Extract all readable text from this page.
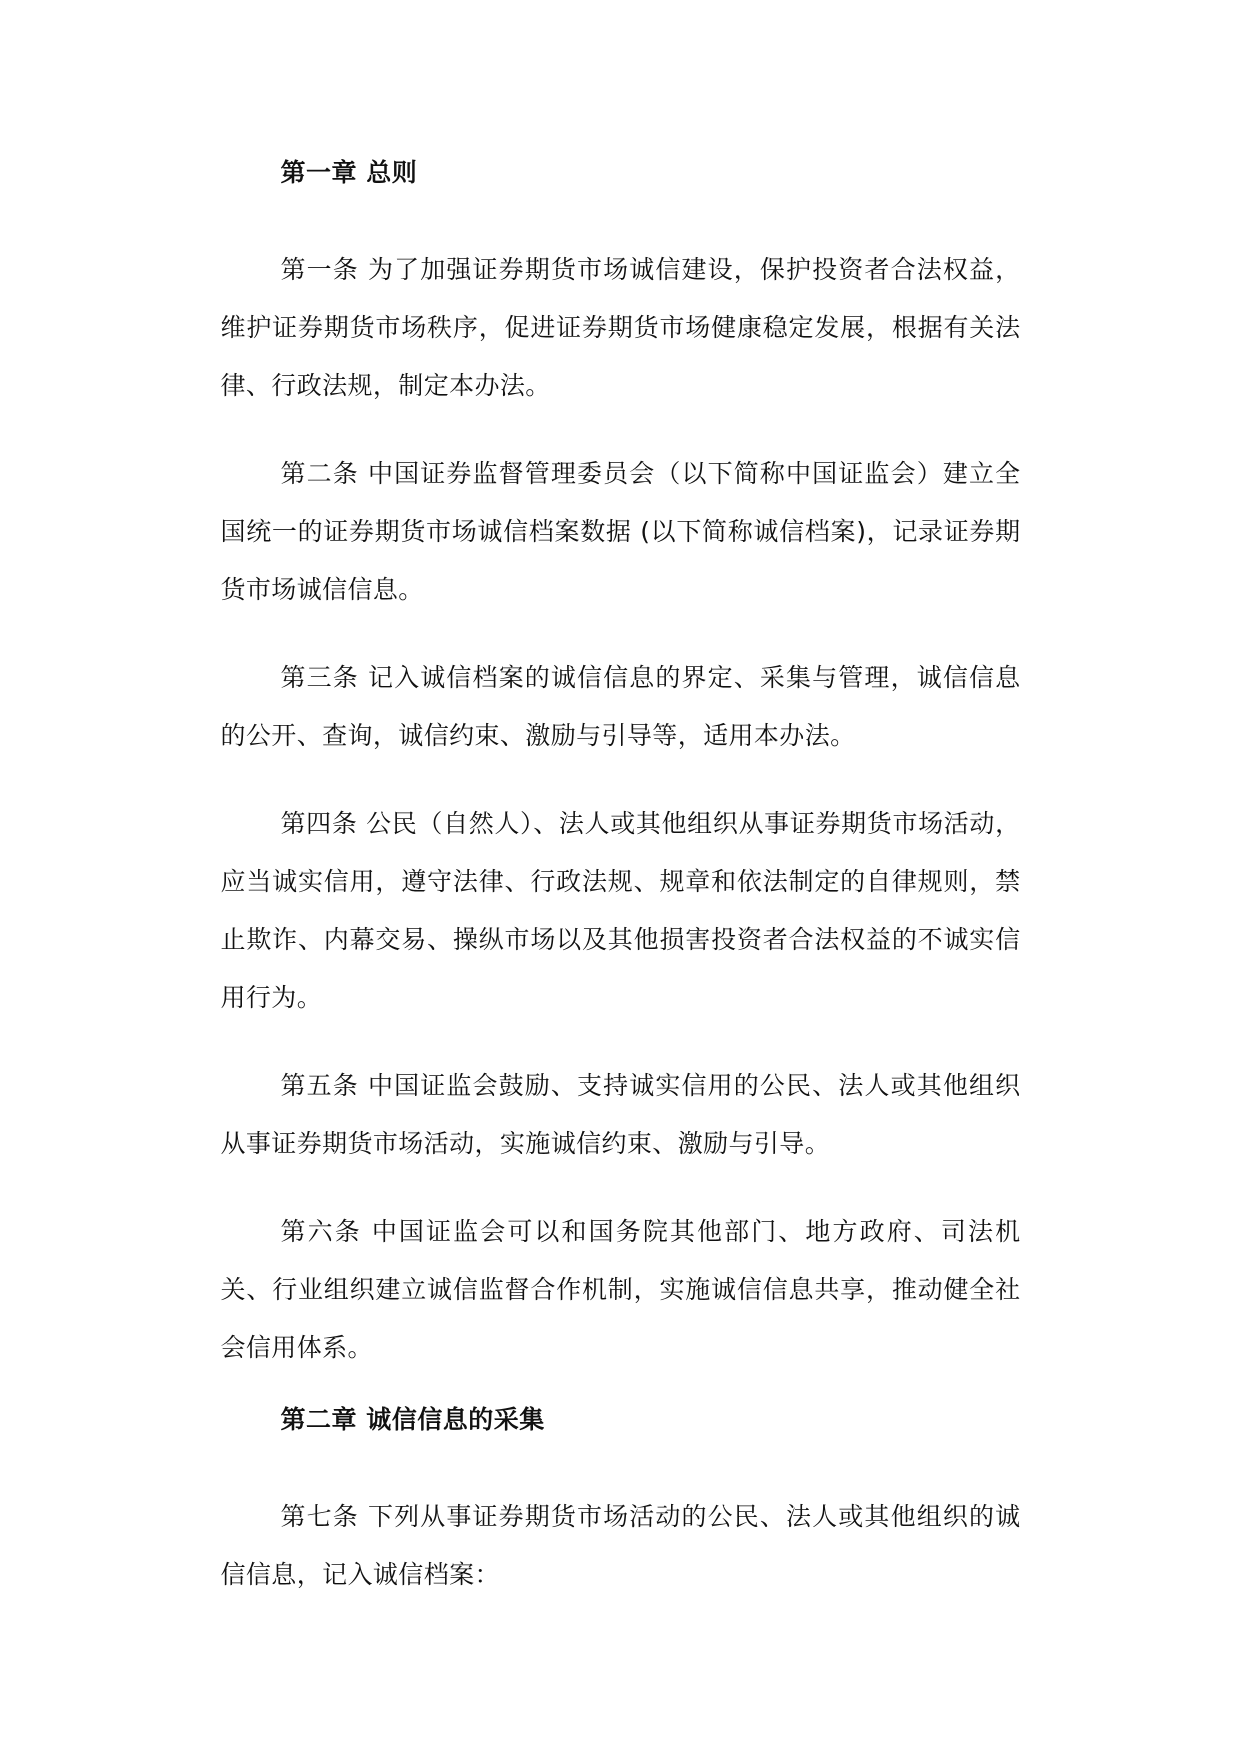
第一章 总则

第一条 为了加强证券期货市场诚信建设，保护投资者合法权益，维护证券期货市场秩序，促进证券期货市场健康稳定发展，根据有关法律、行政法规，制定本办法。

第二条 中国证券监督管理委员会（以下简称中国证监会）建立全国统一的证券期货市场诚信档案数据 (以下简称诚信档案)，记录证券期货市场诚信信息。

第三条 记入诚信档案的诚信信息的界定、采集与管理，诚信信息的公开、查询，诚信约束、激励与引导等，适用本办法。

第四条 公民（自然人）、法人或其他组织从事证券期货市场活动，应当诚实信用，遵守法律、行政法规、规章和依法制定的自律规则，禁止欺诈、内幕交易、操纵市场以及其他损害投资者合法权益的不诚实信用行为。

第五条 中国证监会鼓励、支持诚实信用的公民、法人或其他组织从事证券期货市场活动，实施诚信约束、激励与引导。

第六条 中国证监会可以和国务院其他部门、地方政府、司法机关、行业组织建立诚信监督合作机制，实施诚信信息共享，推动健全社会信用体系。

第二章 诚信信息的采集

第七条 下列从事证券期货市场活动的公民、法人或其他组织的诚信信息，记入诚信档案：
